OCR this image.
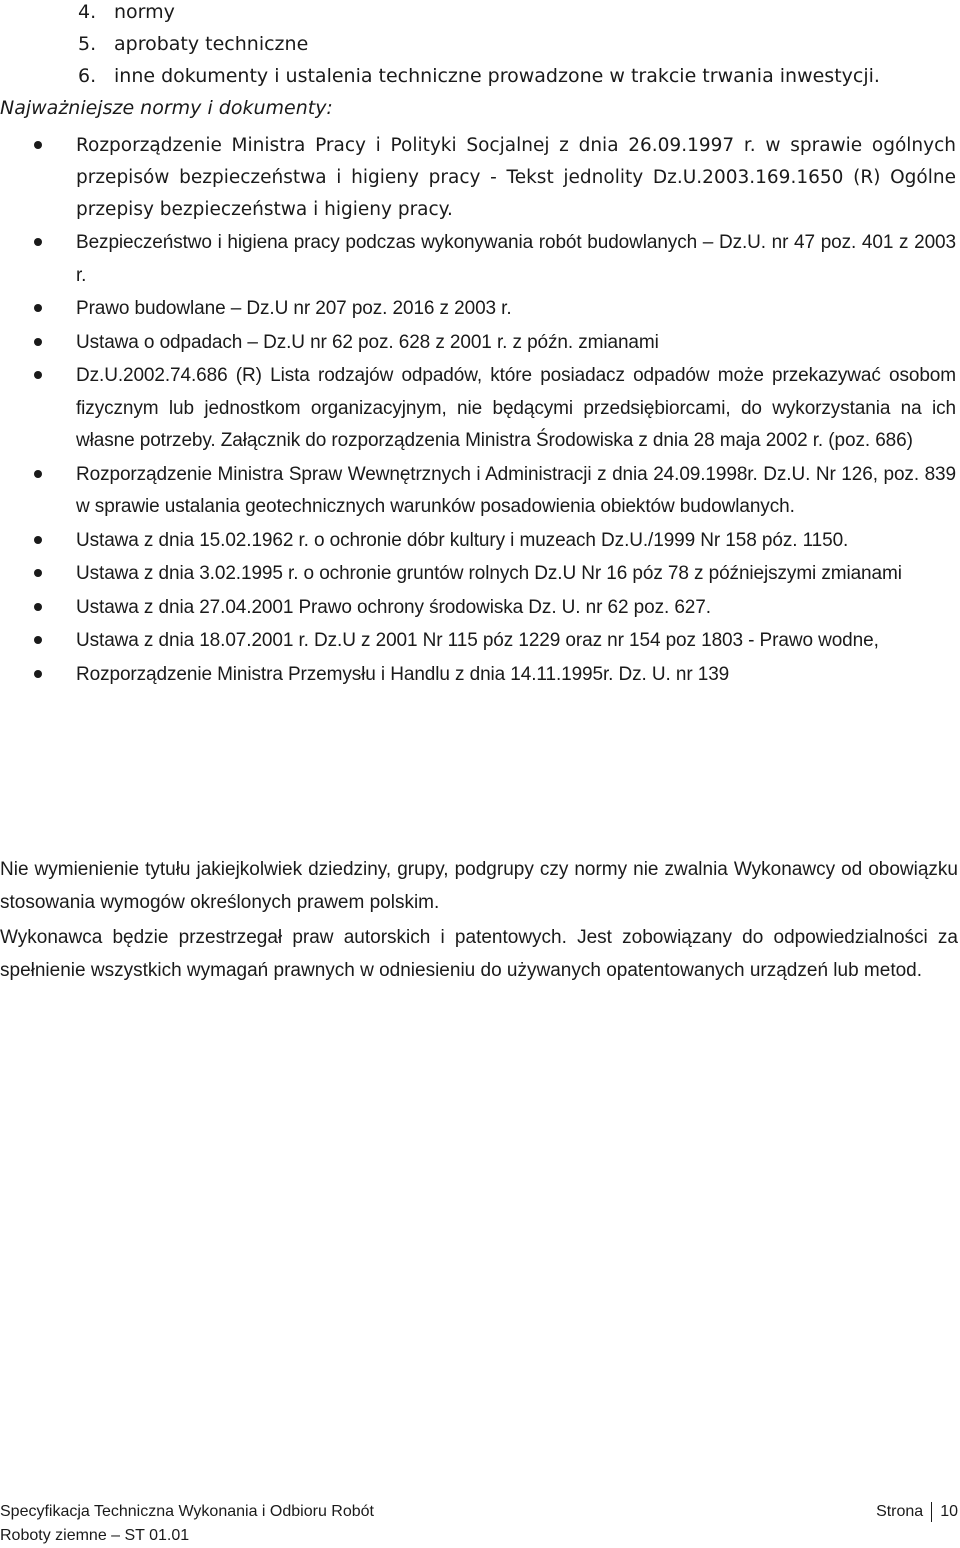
4. normy
5. aprobaty techniczne
6. inne dokumenty i ustalenia techniczne prowadzone w trakcie trwania inwestycji.
Najważniejsze normy i dokumenty:
Rozporządzenie Ministra Pracy i Polityki Socjalnej z dnia 26.09.1997 r. w sprawie ogólnych przepisów bezpieczeństwa i higieny pracy - Tekst jednolity Dz.U.2003.169.1650 (R) Ogólne przepisy bezpieczeństwa i higieny pracy.
Bezpieczeństwo i higiena pracy podczas wykonywania robót budowlanych – Dz.U. nr 47 poz. 401 z 2003 r.
Prawo budowlane – Dz.U nr 207 poz. 2016 z 2003 r.
Ustawa o odpadach – Dz.U nr 62 poz. 628 z 2001 r. z późn. zmianami
Dz.U.2002.74.686 (R) Lista rodzajów odpadów, które posiadacz odpadów może przekazywać osobom fizycznym lub jednostkom organizacyjnym, nie będącymi przedsiębiorcami, do wykorzystania na ich własne potrzeby. Załącznik do rozporządzenia Ministra Środowiska z dnia 28 maja 2002 r. (poz. 686)
Rozporządzenie Ministra Spraw Wewnętrznych i Administracji z dnia 24.09.1998r. Dz.U. Nr 126, poz. 839 w sprawie ustalania geotechnicznych warunków posadowienia obiektów budowlanych.
Ustawa z dnia 15.02.1962 r. o ochronie dóbr kultury i muzeach Dz.U./1999 Nr 158 póz. 1150.
Ustawa z dnia 3.02.1995 r. o ochronie gruntów rolnych Dz.U Nr 16 póz 78 z późniejszymi zmianami
Ustawa z dnia 27.04.2001 Prawo ochrony środowiska Dz. U. nr 62 poz. 627.
Ustawa z dnia 18.07.2001 r. Dz.U z 2001 Nr 115 póz 1229 oraz nr 154 poz 1803 - Prawo wodne,
Rozporządzenie Ministra Przemysłu i Handlu z dnia 14.11.1995r. Dz. U. nr 139

Nie wymienienie tytułu jakiejkolwiek dziedziny, grupy, podgrupy czy normy nie zwalnia Wykonawcy od obowiązku stosowania wymogów określonych prawem polskim.

Wykonawca będzie przestrzegał praw autorskich i patentowych. Jest zobowiązany do odpowiedzialności za spełnienie wszystkich wymagań prawnych w odniesieniu do używanych opatentowanych urządzeń lub metod.

Specyfikacja Techniczna Wykonania i Odbioru Robót
Roboty ziemne – ST 01.01
Strona 10
